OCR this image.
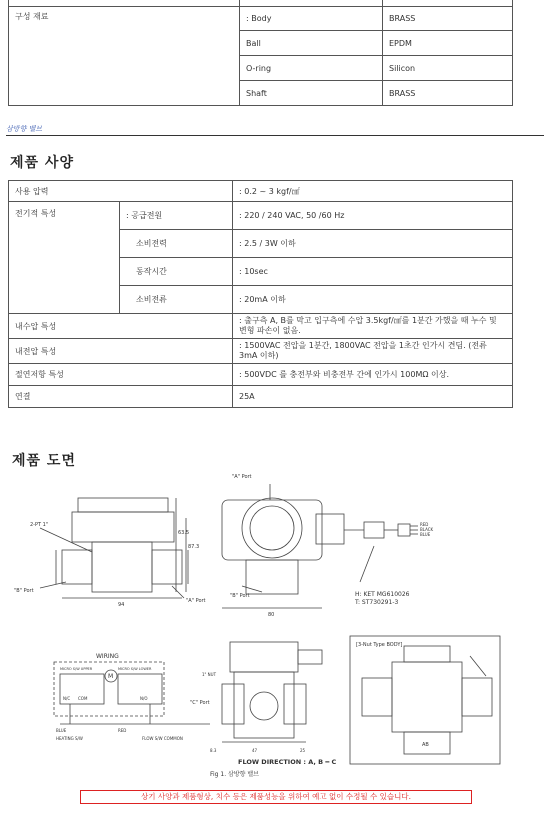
구성 재료	: Body	BRASS
	Ball	EPDM
	O-ring	Silicon
	Shaft	BRASS
삼방향 밸브
제품 사양
사용 압력		: 0.2 ~ 3 kgf/㎠
전기적 특성	: 공급전원	: 220 / 240 VAC, 50 /60 Hz
	소비전력	: 2.5 / 3W 이하
	동작시간	: 10sec
	소비전류	: 20mA 이하
내수압 특성		: 출구측 A, B를 막고 입구측에 수압 3.5kgf/㎠를 1분간 가했을 때 누수 및 변형 파손이 없음.
내전압 특성		: 1500VAC 전압을 1분간, 1800VAC 전압을 1초간 인가시 견딤. (전류 3mA 이하)
절연저항 특성		: 500VDC 를 충전부와 비충전부 간에 인가시 100MΩ 이상.
연결		25A
제품 도면
"A" Port
"B" Port
"A" Port
"B" Port
2-PT 1"
94
80
63.5
87.3
RED
BLACK
BLUE
H: KET MG610026
T: ST730291-3
WIRING
MICRO S/W UPPER	MICRO S/W LOWER
N/C COM	N/O
M
BLUE	RED
HEATING S/W	FLOW S/W COMMON
1" NUT
"C" Port
8.3	47	25
FLOW DIRECTION : A, B ━ C
[3-Nut Type BODY]
AB
Fig 1. 삼방향 밸브
상기 사양과 제품형상, 치수 등은 제품성능을 위하여 예고 없이 수정될 수 있습니다.
